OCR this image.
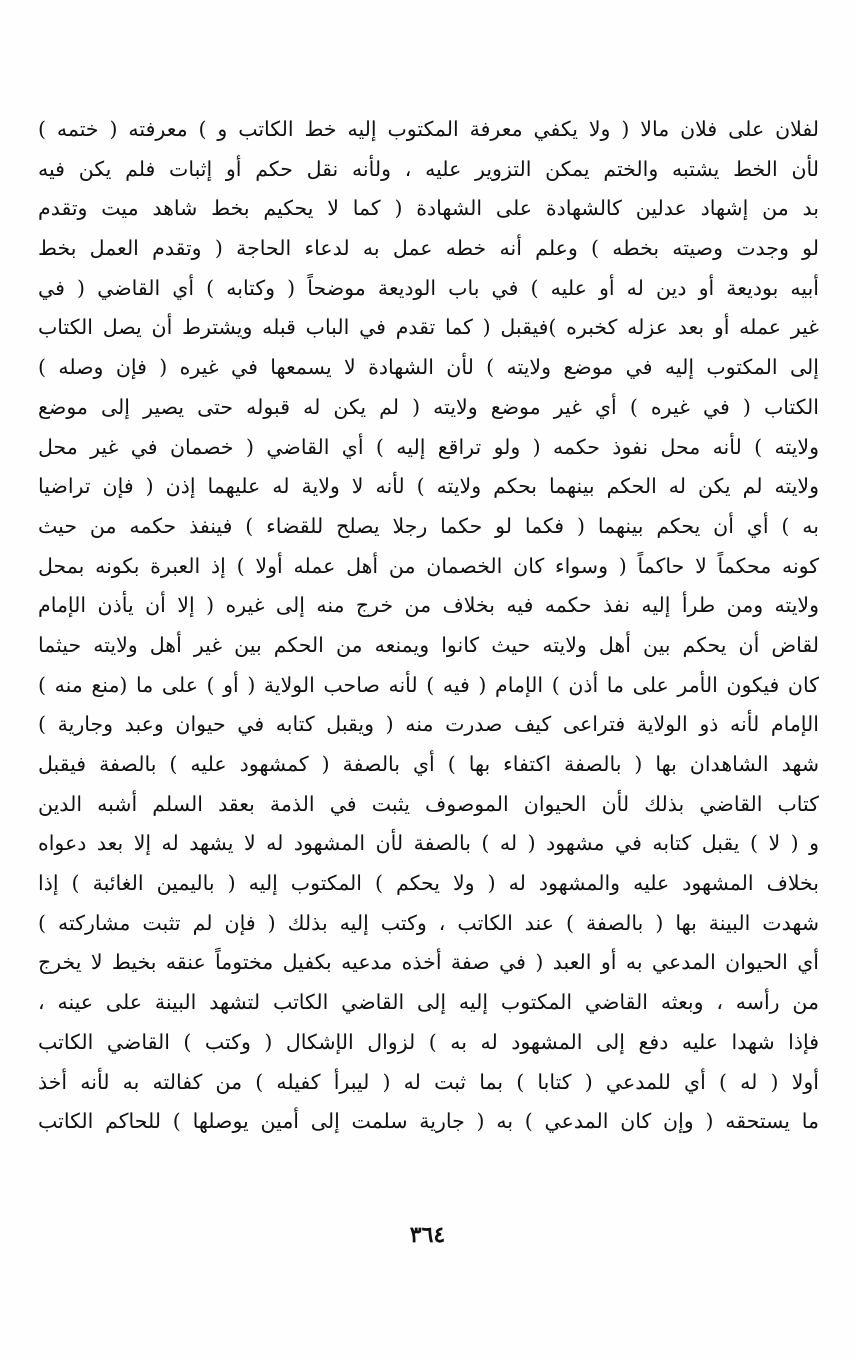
لفلان على فلان مالا ( ولا يكفي معرفة المكتوب إليه خط الكاتب و ) معرفته ( ختمه )
لأن الخط يشتبه والختم يمكن التزوير عليه ، ولأنه نقل حكم أو إثبات فلم يكن فيه
بد من إشهاد عدلين كالشهادة على الشهادة ( كما لا يحكيم بخط شاهد ميت وتقدم
لو وجدت وصيته بخطه ) وعلم أنه خطه عمل به لدعاء الحاجة ( وتقدم العمل بخط
أبيه بوديعة أو دين له أو عليه ) في باب الوديعة موضحاً ( وكتابه ) أي القاضي ( في
غير عمله أو بعد عزله كخبره )فيقبل ( كما تقدم في الباب قبله ويشترط أن يصل الكتاب
إلى المكتوب إليه في موضع ولايته ) لأن الشهادة لا يسمعها في غيره ( فإن وصله )
الكتاب ( في غيره ) أي غير موضع ولايته ( لم يكن له قبوله حتى يصير إلى موضع
ولايته ) لأنه محل نفوذ حكمه ( ولو تراقع إليه ) أي القاضي ( خصمان في غير محل
ولايته لم يكن له الحكم بينهما بحكم ولايته ) لأنه لا ولاية له عليهما إذن ( فإن تراضيا
به ) أي أن يحكم بينهما ( فكما لو حكما رجلا يصلح للقضاء ) فينفذ حكمه من حيث
كونه محكماً لا حاكماً ( وسواء كان الخصمان من أهل عمله أولا ) إذ العبرة بكونه بمحل
ولايته ومن طرأ إليه نفذ حكمه فيه بخلاف من خرج منه إلى غيره ( إلا أن يأذن الإمام
لقاض أن يحكم بين أهل ولايته حيث كانوا ويمنعه من الحكم بين غير أهل ولايته حيثما
كان فيكون الأمر على ما أذن ) الإمام ( فيه ) لأنه صاحب الولاية ( أو ) على ما (منع منه )
الإمام لأنه ذو الولاية فتراعى كيف صدرت منه ( ويقبل كتابه في حيوان وعبد وجارية )
شهد الشاهدان بها ( بالصفة اكتفاء بها ) أي بالصفة ( كمشهود عليه ) بالصفة فيقبل
كتاب القاضي بذلك لأن الحيوان الموصوف يثبت في الذمة بعقد السلم أشبه الدين
و ( لا ) يقبل كتابه في مشهود ( له ) بالصفة لأن المشهود له لا يشهد له إلا بعد دعواه
بخلاف المشهود عليه والمشهود له ( ولا يحكم ) المكتوب إليه ( باليمين الغائبة ) إذا
شهدت البينة بها ( بالصفة ) عند الكاتب ، وكتب إليه بذلك ( فإن لم تثبت مشاركته )
أي الحيوان المدعي به أو العبد ( في صفة أخذه مدعيه بكفيل مختوماً عنقه بخيط لا يخرج
من رأسه ، وبعثه القاضي المكتوب إليه إلى القاضي الكاتب لتشهد البينة على عينه ،
فإذا شهدا عليه دفع إلى المشهود له به ) لزوال الإشكال ( وكتب ) القاضي الكاتب
أولا ( له ) أي للمدعي ( كتابا ) بما ثبت له ( ليبرأ كفيله ) من كفالته به لأنه أخذ
ما يستحقه ( وإن كان المدعي ) به ( جارية سلمت إلى أمين يوصلها ) للحاكم الكاتب
٣٦٤
